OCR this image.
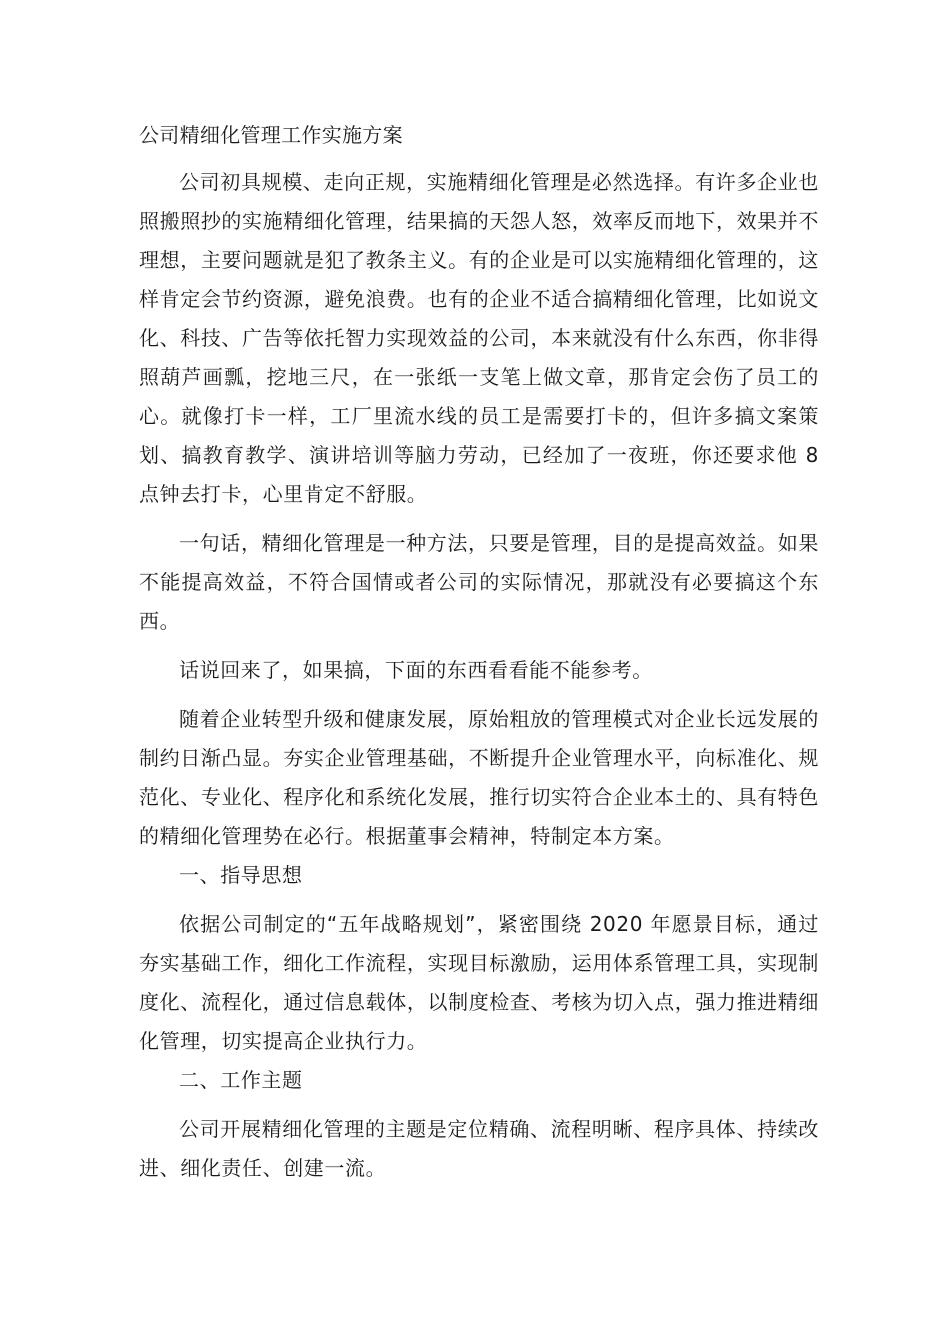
公司精细化管理工作实施方案

公司初具规模、走向正规，实施精细化管理是必然选择。有许多企业也照搬照抄的实施精细化管理，结果搞的天怨人怒，效率反而地下，效果并不理想，主要问题就是犯了教条主义。有的企业是可以实施精细化管理的，这样肯定会节约资源，避免浪费。也有的企业不适合搞精细化管理，比如说文化、科技、广告等依托智力实现效益的公司，本来就没有什么东西，你非得照葫芦画瓢，挖地三尺，在一张纸一支笔上做文章，那肯定会伤了员工的心。就像打卡一样，工厂里流水线的员工是需要打卡的，但许多搞文案策划、搞教育教学、演讲培训等脑力劳动，已经加了一夜班，你还要求他 8 点钟去打卡，心里肯定不舒服。

一句话，精细化管理是一种方法，只要是管理，目的是提高效益。如果不能提高效益，不符合国情或者公司的实际情况，那就没有必要搞这个东西。

话说回来了，如果搞，下面的东西看看能不能参考。

随着企业转型升级和健康发展，原始粗放的管理模式对企业长远发展的制约日渐凸显。夯实企业管理基础，不断提升企业管理水平，向标准化、规范化、专业化、程序化和系统化发展，推行切实符合企业本土的、具有特色的精细化管理势在必行。根据董事会精神，特制定本方案。

一、指导思想

依据公司制定的“五年战略规划”，紧密围绕 2020 年愿景目标，通过夯实基础工作，细化工作流程，实现目标激励，运用体系管理工具，实现制度化、流程化，通过信息载体，以制度检查、考核为切入点，强力推进精细化管理，切实提高企业执行力。

二、工作主题

公司开展精细化管理的主题是定位精确、流程明晰、程序具体、持续改进、细化责任、创建一流。
